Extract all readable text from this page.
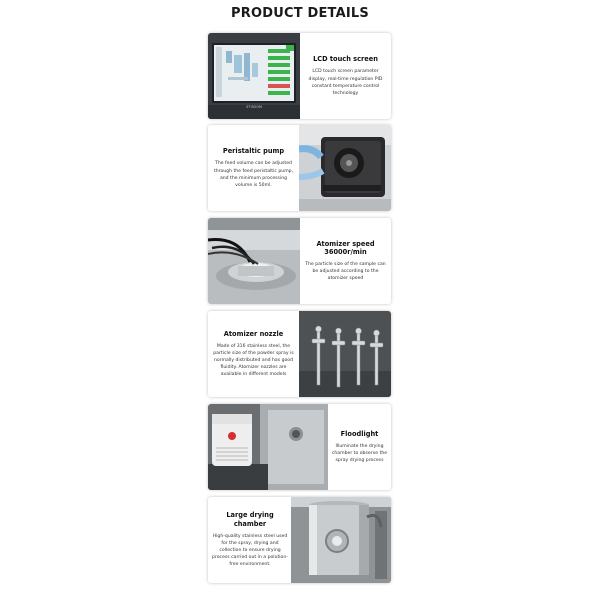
PRODUCT DETAILS
ST·BOOM
LCD touch screen
LCD touch screen parameter display, real-time regulation PID constant temperature control technology
Peristaltic pump
The feed volume can be adjusted through the feed peristaltic pump, and the minimum processing volume is 50ml.
Atomizer speed 36000r/min
The particle size of the sample can be adjusted according to the atomizer speed
Atomizer nozzle
Made of 316 stainless steel, the particle size of the powder spray is normally distributed and has good fluidity. Atomizer nozzles are available in different models
Floodlight
Illuminate the drying chamber to observe the spray drying process
Large drying chamber
High-quality stainless steel used for the spray, drying and collection to ensure drying process carried out in a polution-free environment.
